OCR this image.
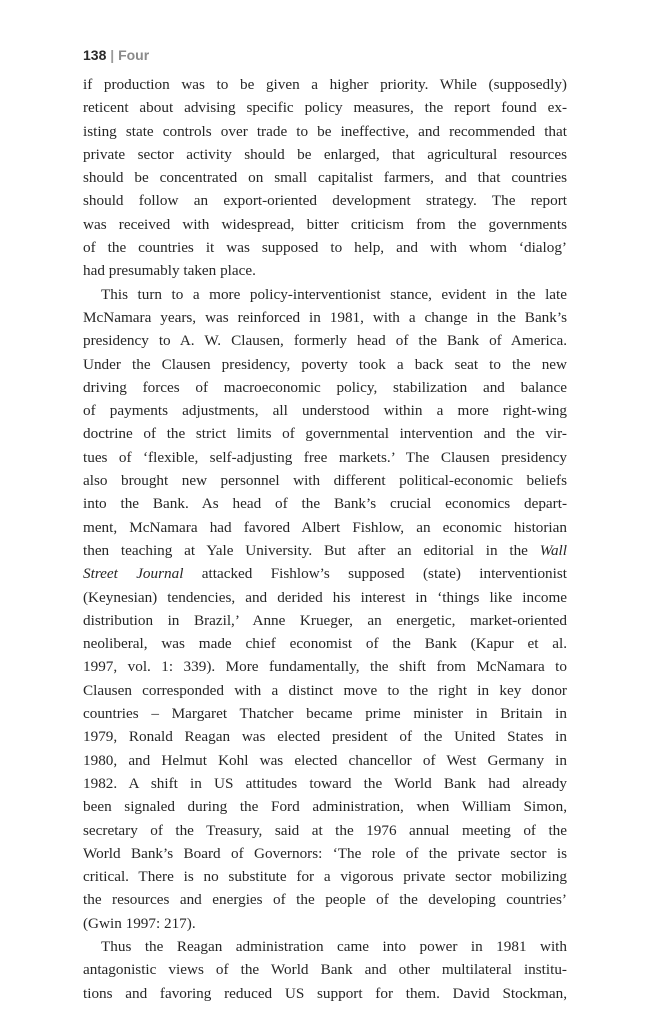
138 | Four
if production was to be given a higher priority. While (supposedly)
reticent about advising specific policy measures, the report found ex-
isting state controls over trade to be ineffective, and recommended that
private sector activity should be enlarged, that agricultural resources
should be concentrated on small capitalist farmers, and that countries
should follow an export-oriented development strategy. The report
was received with widespread, bitter criticism from the governments
of the countries it was supposed to help, and with whom ‘dialog’
had presumably taken place.
This turn to a more policy-interventionist stance, evident in the late
McNamara years, was reinforced in 1981, with a change in the Bank’s
presidency to A. W. Clausen, formerly head of the Bank of America.
Under the Clausen presidency, poverty took a back seat to the new
driving forces of macroeconomic policy, stabilization and balance
of payments adjustments, all understood within a more right-wing
doctrine of the strict limits of governmental intervention and the vir-
tues of ‘flexible, self-adjusting free markets.’ The Clausen presidency
also brought new personnel with different political-economic beliefs
into the Bank. As head of the Bank’s crucial economics depart-
ment, McNamara had favored Albert Fishlow, an economic historian
then teaching at Yale University. But after an editorial in the Wall
Street Journal attacked Fishlow’s supposed (state) interventionist
(Keynesian) tendencies, and derided his interest in ‘things like income
distribution in Brazil,’ Anne Krueger, an energetic, market-oriented
neoliberal, was made chief economist of the Bank (Kapur et al.
1997, vol. 1: 339). More fundamentally, the shift from McNamara to
Clausen corresponded with a distinct move to the right in key donor
countries – Margaret Thatcher became prime minister in Britain in
1979, Ronald Reagan was elected president of the United States in
1980, and Helmut Kohl was elected chancellor of West Germany in
1982. A shift in US attitudes toward the World Bank had already
been signaled during the Ford administration, when William Simon,
secretary of the Treasury, said at the 1976 annual meeting of the
World Bank’s Board of Governors: ‘The role of the private sector is
critical. There is no substitute for a vigorous private sector mobilizing
the resources and energies of the people of the developing countries’
(Gwin 1997: 217).
Thus the Reagan administration came into power in 1981 with
antagonistic views of the World Bank and other multilateral institu-
tions and favoring reduced US support for them. David Stockman,
